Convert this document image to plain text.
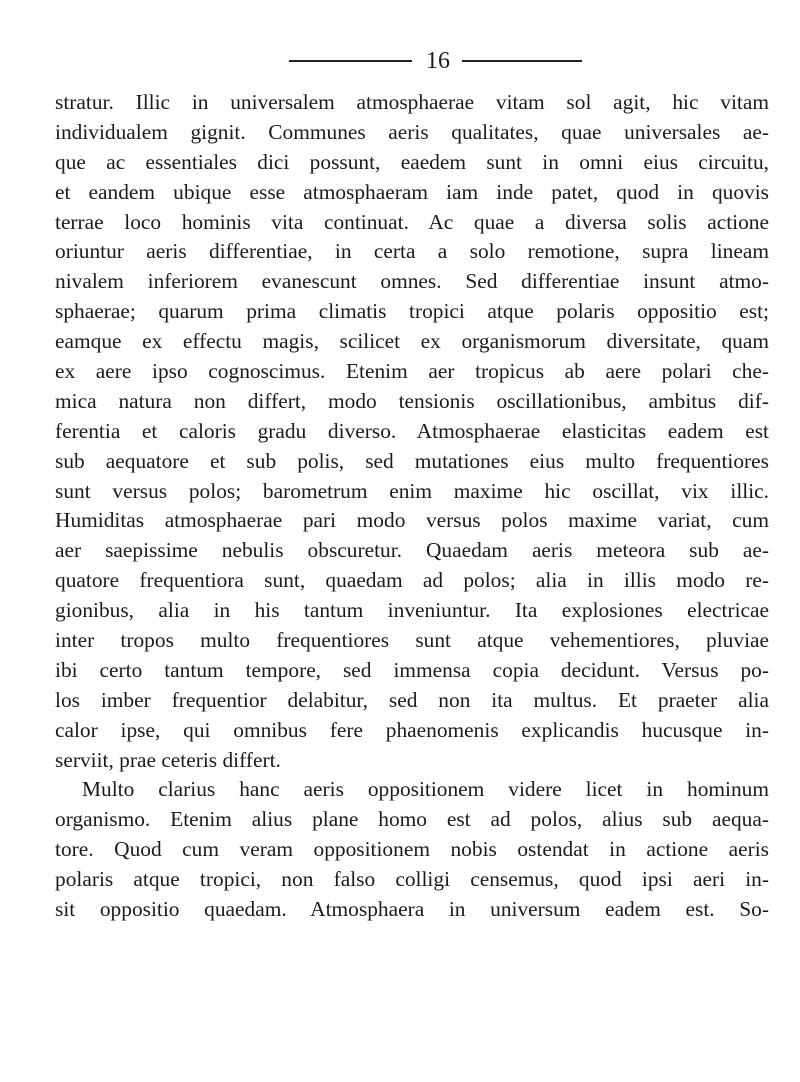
16
stratur. Illic in universalem atmosphaerae vitam sol agit, hic vitam
individualem gignit. Communes aeris qualitates, quae universales ae-
que ac essentiales dici possunt, eaedem sunt in omni eius circuitu,
et eandem ubique esse atmosphaeram iam inde patet, quod in quovis
terrae loco hominis vita continuat. Ac quae a diversa solis actione
oriuntur aeris differentiae, in certa a solo remotione, supra lineam
nivalem inferiorem evanescunt omnes. Sed differentiae insunt atmo-
sphaerae; quarum prima climatis tropici atque polaris oppositio est;
eamque ex effectu magis, scilicet ex organismorum diversitate, quam
ex aere ipso cognoscimus. Etenim aer tropicus ab aere polari che-
mica natura non differt, modo tensionis oscillationibus, ambitus dif-
ferentia et caloris gradu diverso. Atmosphaerae elasticitas eadem est
sub aequatore et sub polis, sed mutationes eius multo frequentiores
sunt versus polos; barometrum enim maxime hic oscillat, vix illic.
Humiditas atmosphaerae pari modo versus polos maxime variat, cum
aer saepissime nebulis obscuretur. Quaedam aeris meteora sub ae-
quatore frequentiora sunt, quaedam ad polos; alia in illis modo re-
gionibus, alia in his tantum inveniuntur. Ita explosiones electricae
inter tropos multo frequentiores sunt atque vehementiores, pluviae
ibi certo tantum tempore, sed immensa copia decidunt. Versus po-
los imber frequentior delabitur, sed non ita multus. Et praeter alia
calor ipse, qui omnibus fere phaenomenis explicandis hucusque in-
serviit, prae ceteris differt.
Multo clarius hanc aeris oppositionem videre licet in hominum
organismo. Etenim alius plane homo est ad polos, alius sub aequa-
tore. Quod cum veram oppositionem nobis ostendat in actione aeris
polaris atque tropici, non falso colligi censemus, quod ipsi aeri in-
sit oppositio quaedam. Atmosphaera in universum eadem est. So-
